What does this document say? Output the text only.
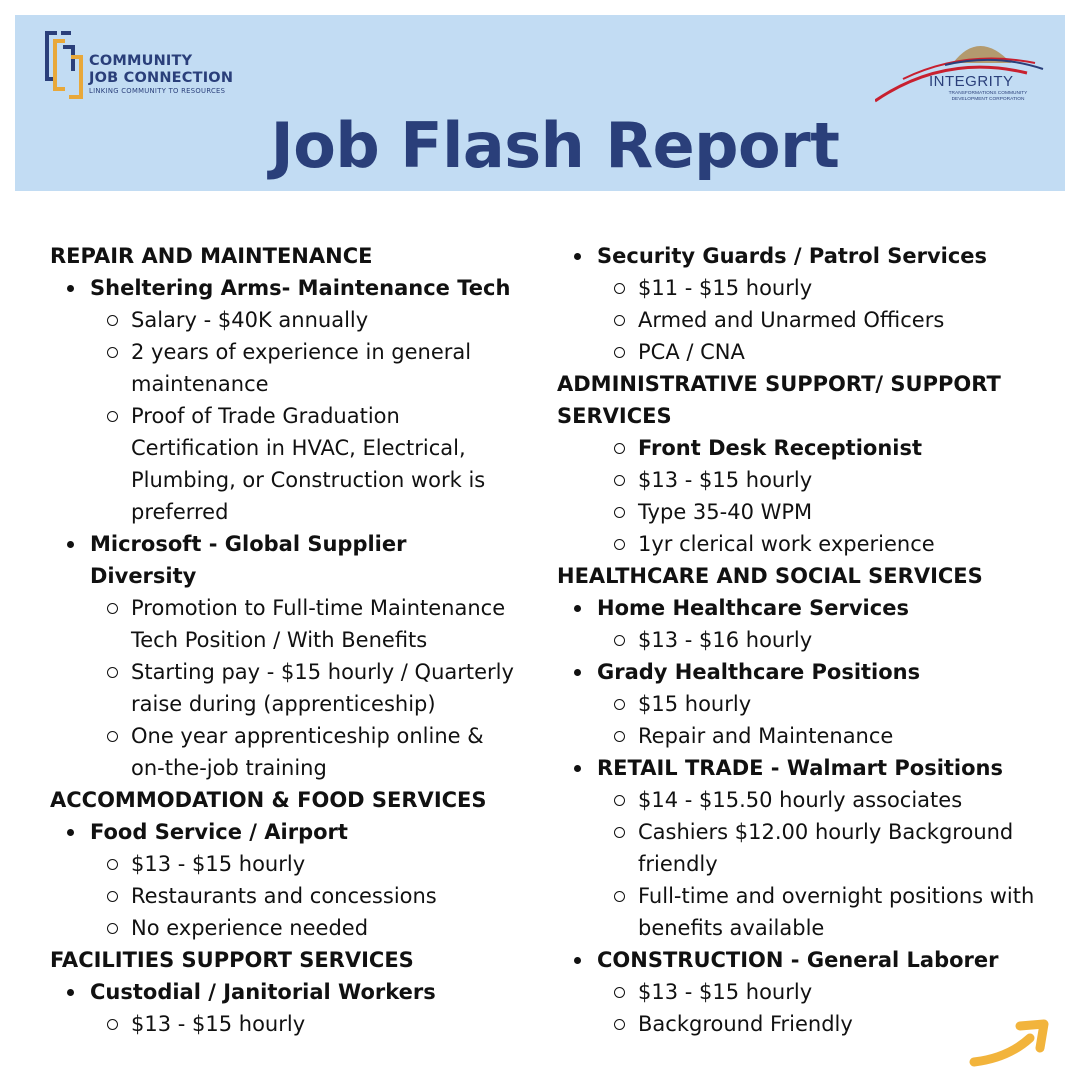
COMMUNITY
JOB CONNECTION
LINKING COMMUNITY TO RESOURCES
INTEGRITY
TRANSFORMATIONS COMMUNITY DEVELOPMENT CORPORATION
Job Flash Report
REPAIR AND MAINTENANCE
Sheltering Arms- Maintenance Tech
Salary - $40K annually
2 years of experience in general maintenance
Proof of Trade Graduation Certification in HVAC, Electrical, Plumbing, or Construction work is preferred
Microsoft - Global Supplier Diversity
Promotion to Full-time Maintenance Tech Position / With Benefits
Starting pay - $15 hourly / Quarterly raise during (apprenticeship)
One year apprenticeship online & on-the-job training
ACCOMMODATION & FOOD SERVICES
Food Service / Airport
$13 - $15 hourly
Restaurants and concessions
No experience needed
FACILITIES SUPPORT SERVICES
Custodial / Janitorial Workers
$13 - $15 hourly
Security Guards / Patrol Services
$11 - $15 hourly
Armed and Unarmed Officers
PCA / CNA
ADMINISTRATIVE SUPPORT/ SUPPORT SERVICES
Front Desk Receptionist
$13 - $15 hourly
Type 35-40 WPM
1yr clerical work experience
HEALTHCARE AND SOCIAL SERVICES
Home Healthcare Services
$13 - $16 hourly
Grady Healthcare Positions
$15 hourly
Repair and Maintenance
RETAIL TRADE - Walmart Positions
$14 - $15.50 hourly associates
Cashiers $12.00 hourly Background friendly
Full-time and overnight positions with benefits available
CONSTRUCTION - General Laborer
$13 - $15 hourly
Background Friendly
